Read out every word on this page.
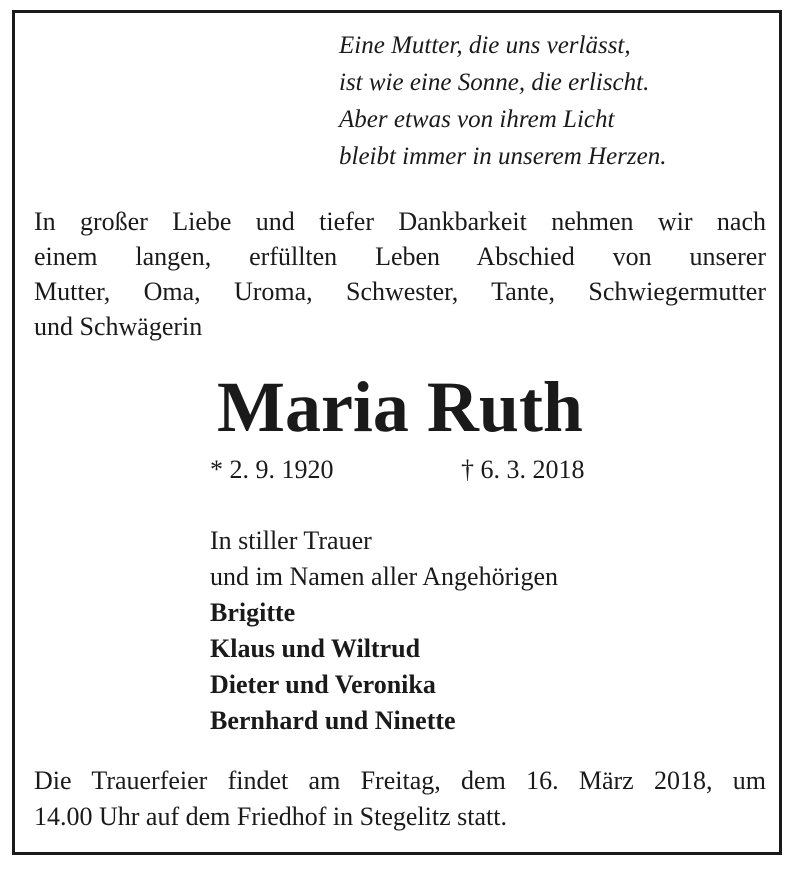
Eine Mutter, die uns verlässt,
ist wie eine Sonne, die erlischt.
Aber etwas von ihrem Licht
bleibt immer in unserem Herzen.
In großer Liebe und tiefer Dankbarkeit nehmen wir nach
einem langen, erfüllten Leben Abschied von unserer
Mutter, Oma, Uroma, Schwester, Tante, Schwiegermutter
und Schwägerin
Maria Ruth
* 2. 9. 1920	† 6. 3. 2018
In stiller Trauer
und im Namen aller Angehörigen
Brigitte
Klaus und Wiltrud
Dieter und Veronika
Bernhard und Ninette
Die Trauerfeier findet am Freitag, dem 16. März 2018, um
14.00 Uhr auf dem Friedhof in Stegelitz statt.
